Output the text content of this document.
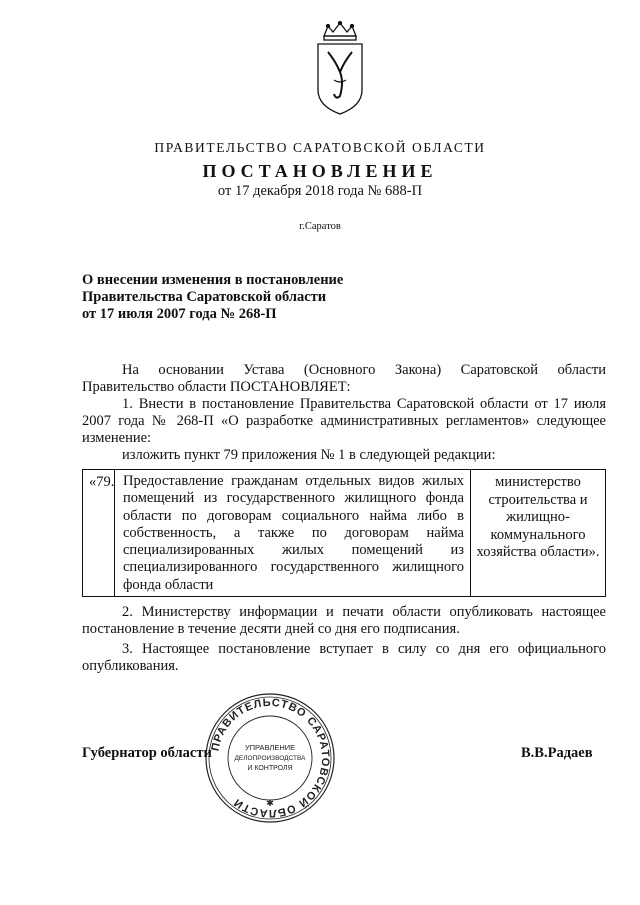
ПРАВИТЕЛЬСТВО САРАТОВСКОЙ ОБЛАСТИ
ПОСТАНОВЛЕНИЕ
от 17 декабря 2018 года № 688-П
г.Саратов
О внесении изменения в постановление
Правительства Саратовской области
от 17 июля 2007 года № 268-П
На основании Устава (Основного Закона) Саратовской области
Правительство области ПОСТАНОВЛЯЕТ:
1. Внести в постановление Правительства Саратовской области от 17 июля 2007 года № 268-П «О разработке административных регламентов» следующее изменение:
изложить пункт 79 приложения № 1 в следующей редакции:
«79. Предоставление гражданам отдельных видов жилых помещений из государственного жилищного фонда области по договорам социального найма либо в собственность, а также по договорам найма специализированных жилых помещений из специализированного государственного жилищного фонда области
министерство строительства и жилищно-коммунального хозяйства области».
2. Министерству информации и печати области опубликовать настоящее постановление в течение десяти дней со дня его подписания.
3. Настоящее постановление вступает в силу со дня его официального опубликования.
ПРАВИТЕЛЬСТВО САРАТОВСКОЙ ОБЛАСТИ
УПРАВЛЕНИЕ
ДЕЛОПРОИЗВОДСТВА
И КОНТРОЛЯ
✱
Губернатор области	В.В.Радаев
